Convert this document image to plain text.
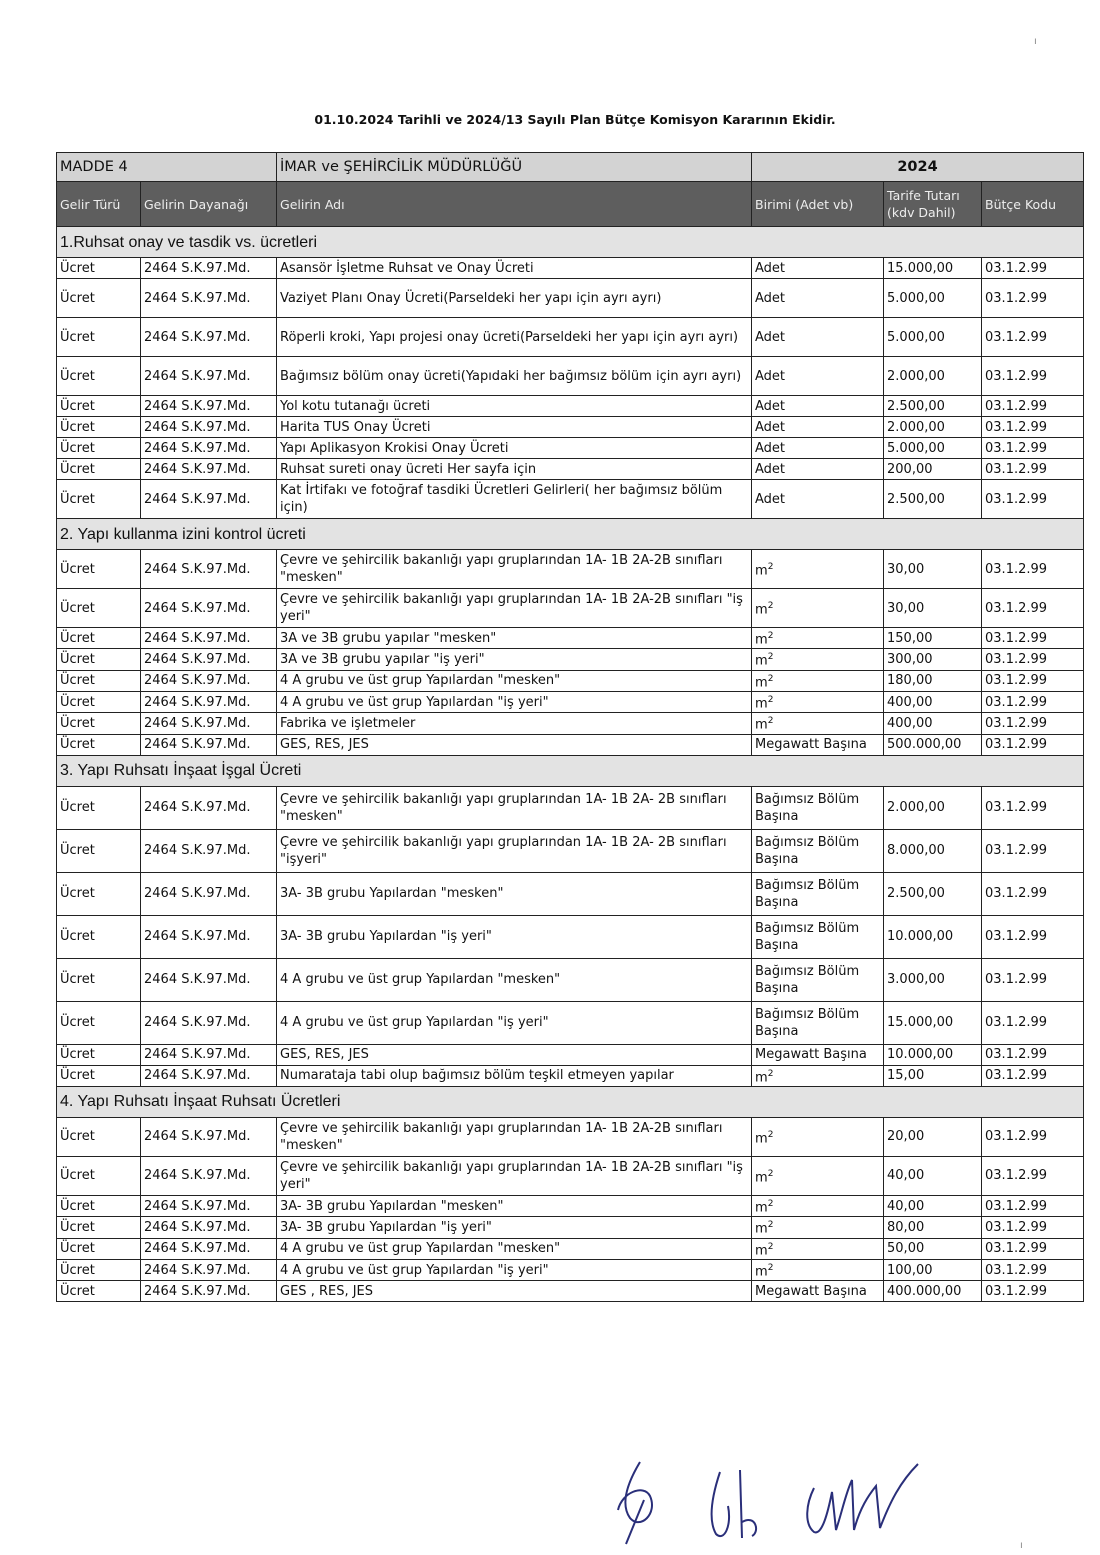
01.10.2024 Tarihli ve 2024/13 Sayılı Plan Bütçe Komisyon Kararının Ekidir.
MADDE 4		İMAR ve ŞEHİRCİLİK MÜDÜRLÜĞÜ	2024		
Gelir Türü	Gelirin Dayanağı	Gelirin Adı	Birimi (Adet vb)	Tarife Tutarı (kdv Dahil)	Bütçe Kodu
1.Ruhsat onay ve tasdik vs. ücretleri					
Ücret	2464 S.K.97.Md.	Asansör İşletme Ruhsat ve Onay Ücreti	Adet	15.000,00	03.1.2.99
Ücret	2464 S.K.97.Md.	Vaziyet Planı Onay Ücreti(Parseldeki her yapı için ayrı ayrı)	Adet	5.000,00	03.1.2.99
Ücret	2464 S.K.97.Md.	Röperli kroki, Yapı projesi onay ücreti(Parseldeki her yapı için ayrı ayrı)	Adet	5.000,00	03.1.2.99
Ücret	2464 S.K.97.Md.	Bağımsız bölüm onay ücreti(Yapıdaki her bağımsız bölüm için ayrı ayrı)	Adet	2.000,00	03.1.2.99
Ücret	2464 S.K.97.Md.	Yol kotu tutanağı ücreti	Adet	2.500,00	03.1.2.99
Ücret	2464 S.K.97.Md.	Harita TUS Onay Ücreti	Adet	2.000,00	03.1.2.99
Ücret	2464 S.K.97.Md.	Yapı Aplikasyon Krokisi Onay Ücreti	Adet	5.000,00	03.1.2.99
Ücret	2464 S.K.97.Md.	Ruhsat sureti onay ücreti Her sayfa için	Adet	200,00	03.1.2.99
Ücret	2464 S.K.97.Md.	Kat İrtifakı ve fotoğraf tasdiki Ücretleri Gelirleri( her bağımsız bölüm için)	Adet	2.500,00	03.1.2.99
2. Yapı kullanma izini kontrol ücreti					
Ücret	2464 S.K.97.Md.	Çevre ve şehircilik bakanlığı yapı gruplarından 1A- 1B 2A-2B sınıfları "mesken"	$m^2$	30,00	03.1.2.99
Ücret	2464 S.K.97.Md.	Çevre ve şehircilik bakanlığı yapı gruplarından 1A- 1B 2A-2B sınıfları "iş yeri"	$m^2$	30,00	03.1.2.99
Ücret	2464 S.K.97.Md.	3A ve 3B grubu yapılar "mesken"	$m^2$	150,00	03.1.2.99
Ücret	2464 S.K.97.Md.	3A ve 3B grubu yapılar "iş yeri"	$m^2$	300,00	03.1.2.99
Ücret	2464 S.K.97.Md.	4 A grubu ve üst grup Yapılardan "mesken"	$m^2$	180,00	03.1.2.99
Ücret	2464 S.K.97.Md.	4 A grubu ve üst grup Yapılardan "iş yeri"	$m^2$	400,00	03.1.2.99
Ücret	2464 S.K.97.Md.	Fabrika ve işletmeler	$m^2$	400,00	03.1.2.99
Ücret	2464 S.K.97.Md.	GES, RES, JES	Megawatt Başına	500.000,00	03.1.2.99
3. Yapı Ruhsatı İnşaat İşgal Ücreti					
Ücret	2464 S.K.97.Md.	Çevre ve şehircilik bakanlığı yapı gruplarından 1A- 1B 2A- 2B sınıfları "mesken"	Bağımsız Bölüm Başına	2.000,00	03.1.2.99
Ücret	2464 S.K.97.Md.	Çevre ve şehircilik bakanlığı yapı gruplarından 1A- 1B 2A- 2B sınıfları "işyeri"	Bağımsız Bölüm Başına	8.000,00	03.1.2.99
Ücret	2464 S.K.97.Md.	3A- 3B grubu Yapılardan "mesken"	Bağımsız Bölüm Başına	2.500,00	03.1.2.99
Ücret	2464 S.K.97.Md.	3A- 3B grubu Yapılardan "iş yeri"	Bağımsız Bölüm Başına	10.000,00	03.1.2.99
Ücret	2464 S.K.97.Md.	4 A grubu ve üst grup Yapılardan "mesken"	Bağımsız Bölüm Başına	3.000,00	03.1.2.99
Ücret	2464 S.K.97.Md.	4 A grubu ve üst grup Yapılardan "iş yeri"	Bağımsız Bölüm Başına	15.000,00	03.1.2.99
Ücret	2464 S.K.97.Md.	GES, RES, JES	Megawatt Başına	10.000,00	03.1.2.99
Ücret	2464 S.K.97.Md.	Numarataja tabi olup bağımsız bölüm teşkil etmeyen yapılar	$m^2$	15,00	03.1.2.99
4. Yapı Ruhsatı İnşaat Ruhsatı Ücretleri					
Ücret	2464 S.K.97.Md.	Çevre ve şehircilik bakanlığı yapı gruplarından 1A- 1B 2A-2B sınıfları "mesken"	$m^2$	20,00	03.1.2.99
Ücret	2464 S.K.97.Md.	Çevre ve şehircilik bakanlığı yapı gruplarından 1A- 1B 2A-2B sınıfları "iş yeri"	$m^2$	40,00	03.1.2.99
Ücret	2464 S.K.97.Md.	3A- 3B grubu Yapılardan "mesken"	$m^2$	40,00	03.1.2.99
Ücret	2464 S.K.97.Md.	3A- 3B grubu Yapılardan "iş yeri"	$m^2$	80,00	03.1.2.99
Ücret	2464 S.K.97.Md.	4 A grubu ve üst grup Yapılardan "mesken"	$m^2$	50,00	03.1.2.99
Ücret	2464 S.K.97.Md.	4 A grubu ve üst grup Yapılardan "iş yeri"	$m^2$	100,00	03.1.2.99
Ücret	2464 S.K.97.Md.	GES , RES, JES	Megawatt Başına	400.000,00	03.1.2.99
ı
ı
